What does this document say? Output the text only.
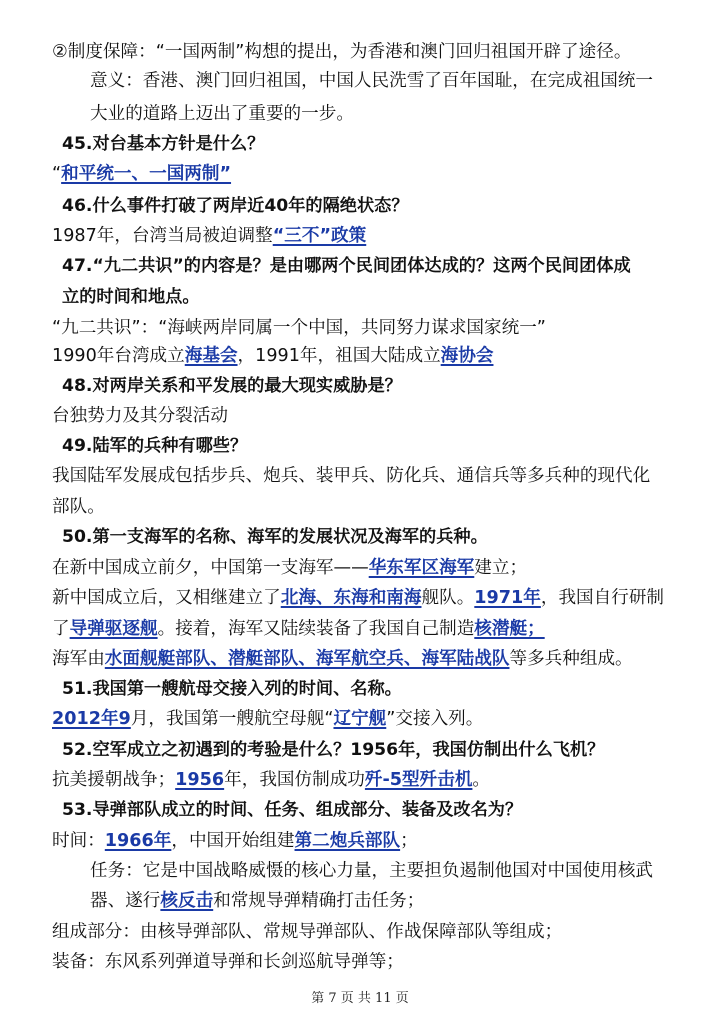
②制度保障：“一国两制”构想的提出，为香港和澳门回归祖国开辟了途径。
意义：香港、澳门回归祖国，中国人民洗雪了百年国耻，在完成祖国统一
大业的道路上迈出了重要的一步。
45.对台基本方针是什么？
“和平统一、一国两制”
46.什么事件打破了两岸近40年的隔绝状态？
1987年，台湾当局被迫调整“三不”政策
47.“九二共识”的内容是？是由哪两个民间团体达成的？这两个民间团体成
立的时间和地点。
“九二共识”：“海峡两岸同属一个中国，共同努力谋求国家统一”
1990年台湾成立海基会，1991年，祖国大陆成立海协会
48.对两岸关系和平发展的最大现实威胁是？
台独势力及其分裂活动
49.陆军的兵种有哪些？
我国陆军发展成包括步兵、炮兵、装甲兵、防化兵、通信兵等多兵种的现代化
部队。
50.第一支海军的名称、海军的发展状况及海军的兵种。
在新中国成立前夕，中国第一支海军——华东军区海军建立；
新中国成立后，又相继建立了北海、东海和南海舰队。1971年，我国自行研制
了导弹驱逐舰。接着，海军又陆续装备了我国自己制造核潜艇；
海军由水面舰艇部队、潜艇部队、海军航空兵、海军陆战队等多兵种组成。
51.我国第一艘航母交接入列的时间、名称。
2012年9月，我国第一艘航空母舰“辽宁舰”交接入列。
52.空军成立之初遇到的考验是什么？1956年，我国仿制出什么飞机？
抗美援朝战争；1956年，我国仿制成功歼-5型歼击机。
53.导弹部队成立的时间、任务、组成部分、装备及改名为？
时间：1966年，中国开始组建第二炮兵部队；
任务：它是中国战略威慑的核心力量，主要担负遏制他国对中国使用核武
器、遂行核反击和常规导弹精确打击任务；
组成部分：由核导弹部队、常规导弹部队、作战保障部队等组成；
装备：东风系列弹道导弹和长剑巡航导弹等；
第 7 页 共 11 页
